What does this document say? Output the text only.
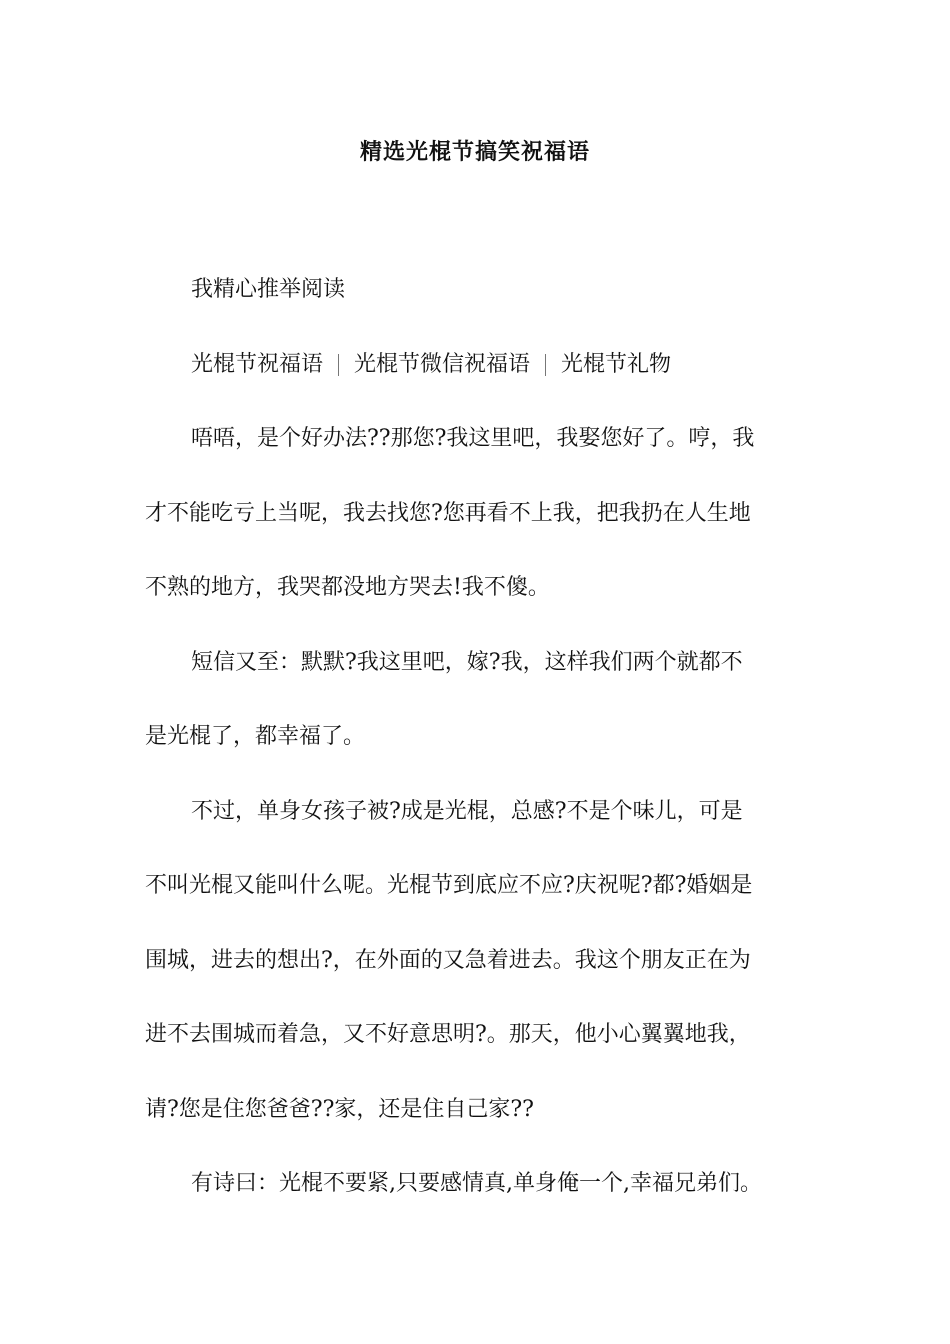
精选光棍节搞笑祝福语
我精心推举阅读
光棍节祝福语 光棍节微信祝福语 光棍节礼物
唔唔，是个好办法??那您?我这里吧，我娶您好了。哼，我
才不能吃亏上当呢，我去找您?您再看不上我，把我扔在人生地
不熟的地方，我哭都没地方哭去!我不傻。
短信又至：默默?我这里吧，嫁?我，这样我们两个就都不
是光棍了，都幸福了。
不过，单身女孩子被?成是光棍，总感?不是个味儿，可是
不叫光棍又能叫什么呢。光棍节到底应不应?庆祝呢?都?婚姻是
围城，进去的想出?，在外面的又急着进去。我这个朋友正在为
进不去围城而着急，又不好意思明?。那天，他小心翼翼地我，
请?您是住您爸爸??家，还是住自己家??
有诗曰：光棍不要紧,只要感情真,单身俺一个,幸福兄弟们。
